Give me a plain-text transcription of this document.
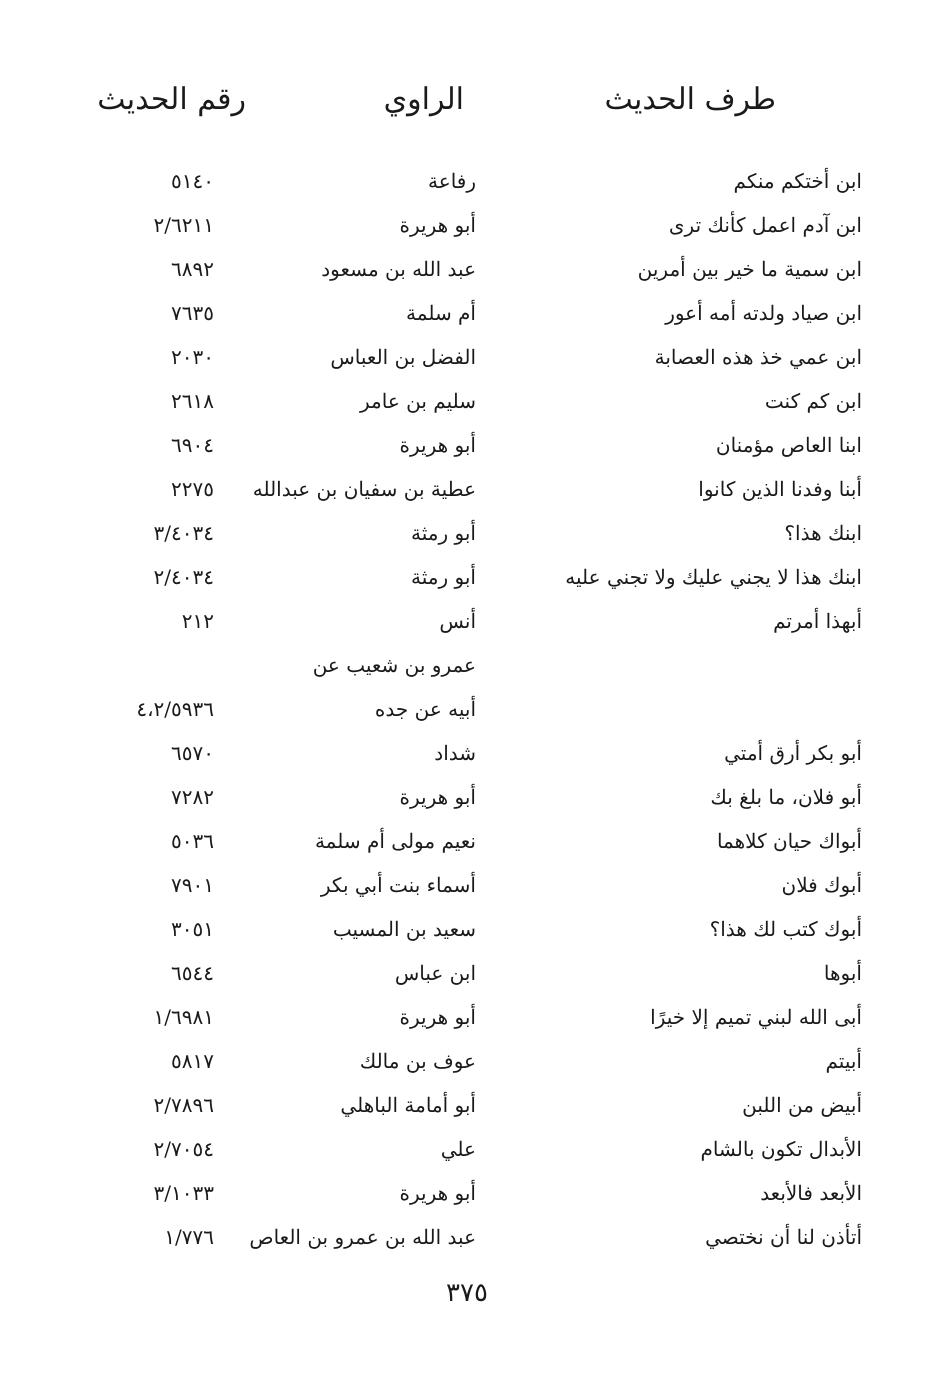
طرف الحديث
الراوي
رقم الحديث
ابن أختكم منكم
رفاعة
٥١٤٠
ابن آدم اعمل كأنك ترى
أبو هريرة
٢/٦٢١١
ابن سمية ما خير بين أمرين
عبد الله بن مسعود
٦٨٩٢
ابن صياد ولدته أمه أعور
أم سلمة
٧٦٣٥
ابن عمي خذ هذه العصابة
الفضل بن العباس
٢٠٣٠
ابن كم كنت
سليم بن عامر
٢٦١٨
ابنا العاص مؤمنان
أبو هريرة
٦٩٠٤
أبنا وفدنا الذين كانوا
عطية بن سفيان بن عبدالله
٢٢٧٥
ابنك هذا؟
أبو رمثة
٣/٤٠٣٤
ابنك هذا لا يجني عليك ولا تجني عليه
أبو رمثة
٢/٤٠٣٤
أبهذا أمرتم
أنس
٢١٢
عمرو بن شعيب عن
أبيه عن جده
٤،٢/٥٩٣٦
أبو بكر أرق أمتي
شداد
٦٥٧٠
أبو فلان، ما بلغ بك
أبو هريرة
٧٢٨٢
أبواك حيان كلاهما
نعيم مولى أم سلمة
٥٠٣٦
أبوك فلان
أسماء بنت أبي بكر
٧٩٠١
أبوك كتب لك هذا؟
سعيد بن المسيب
٣٠٥١
أبوها
ابن عباس
٦٥٤٤
أبى الله لبني تميم إلا خيرًا
أبو هريرة
١/٦٩٨١
أبيتم
عوف بن مالك
٥٨١٧
أبيض من اللبن
أبو أمامة الباهلي
٢/٧٨٩٦
الأبدال تكون بالشام
علي
٢/٧٠٥٤
الأبعد فالأبعد
أبو هريرة
٣/١٠٣٣
أتأذن لنا أن نختصي
عبد الله بن عمرو بن العاص
١/٧٧٦
٣٧٥
